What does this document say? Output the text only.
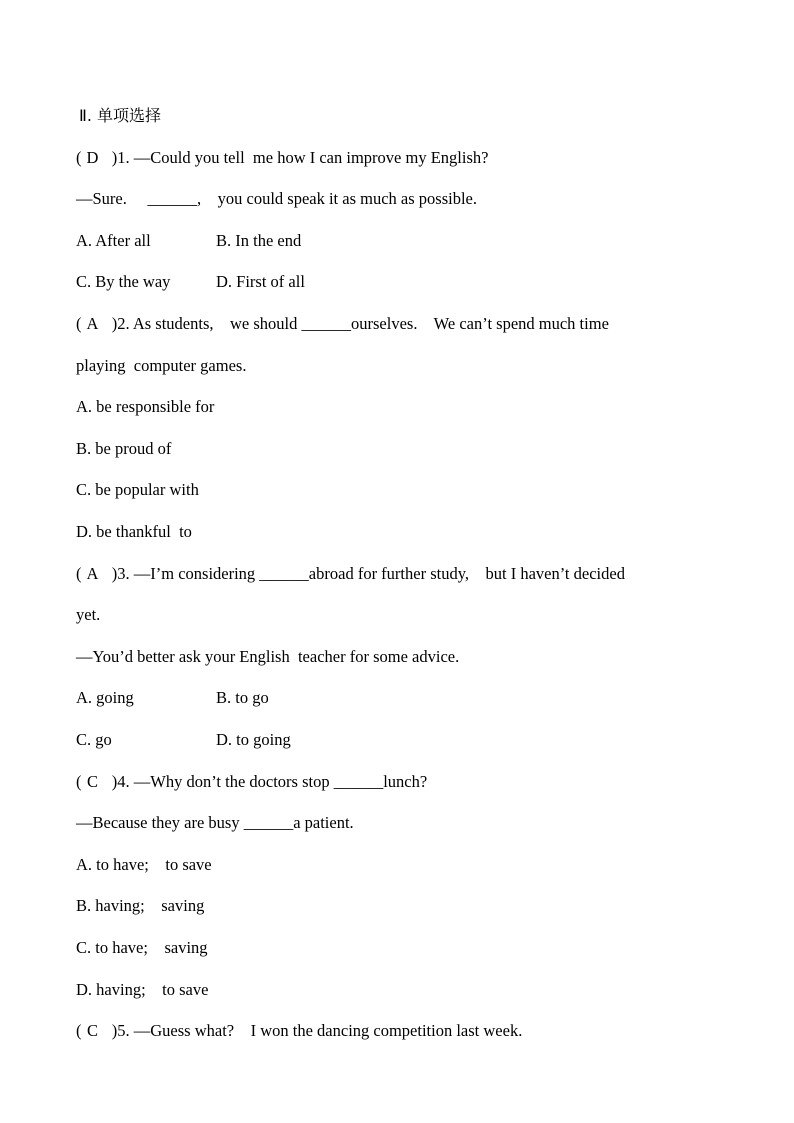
Ⅱ. 单项选择
( D  )1. —Could you tell  me how I can improve my English?
—Sure.     ______,    you could speak it as much as possible.
A. After all	B. In the end
C. By the way	D. First of all
( A  )2. As students,    we should ______ourselves.    We can’t spend much time
playing  computer games.
A. be responsible for
B. be proud of
C. be popular with
D. be thankful  to
( A  )3. —I’m considering ______abroad for further study,    but I haven’t decided
yet.
—You’d better ask your English  teacher for some advice.
A. going	B. to go
C. go	D. to going
( C  )4. —Why don’t the doctors stop ______lunch?
—Because they are busy ______a patient.
A. to have;    to save
B. having;    saving
C. to have;    saving
D. having;    to save
( C  )5. —Guess what?    I won the dancing competition last week.
